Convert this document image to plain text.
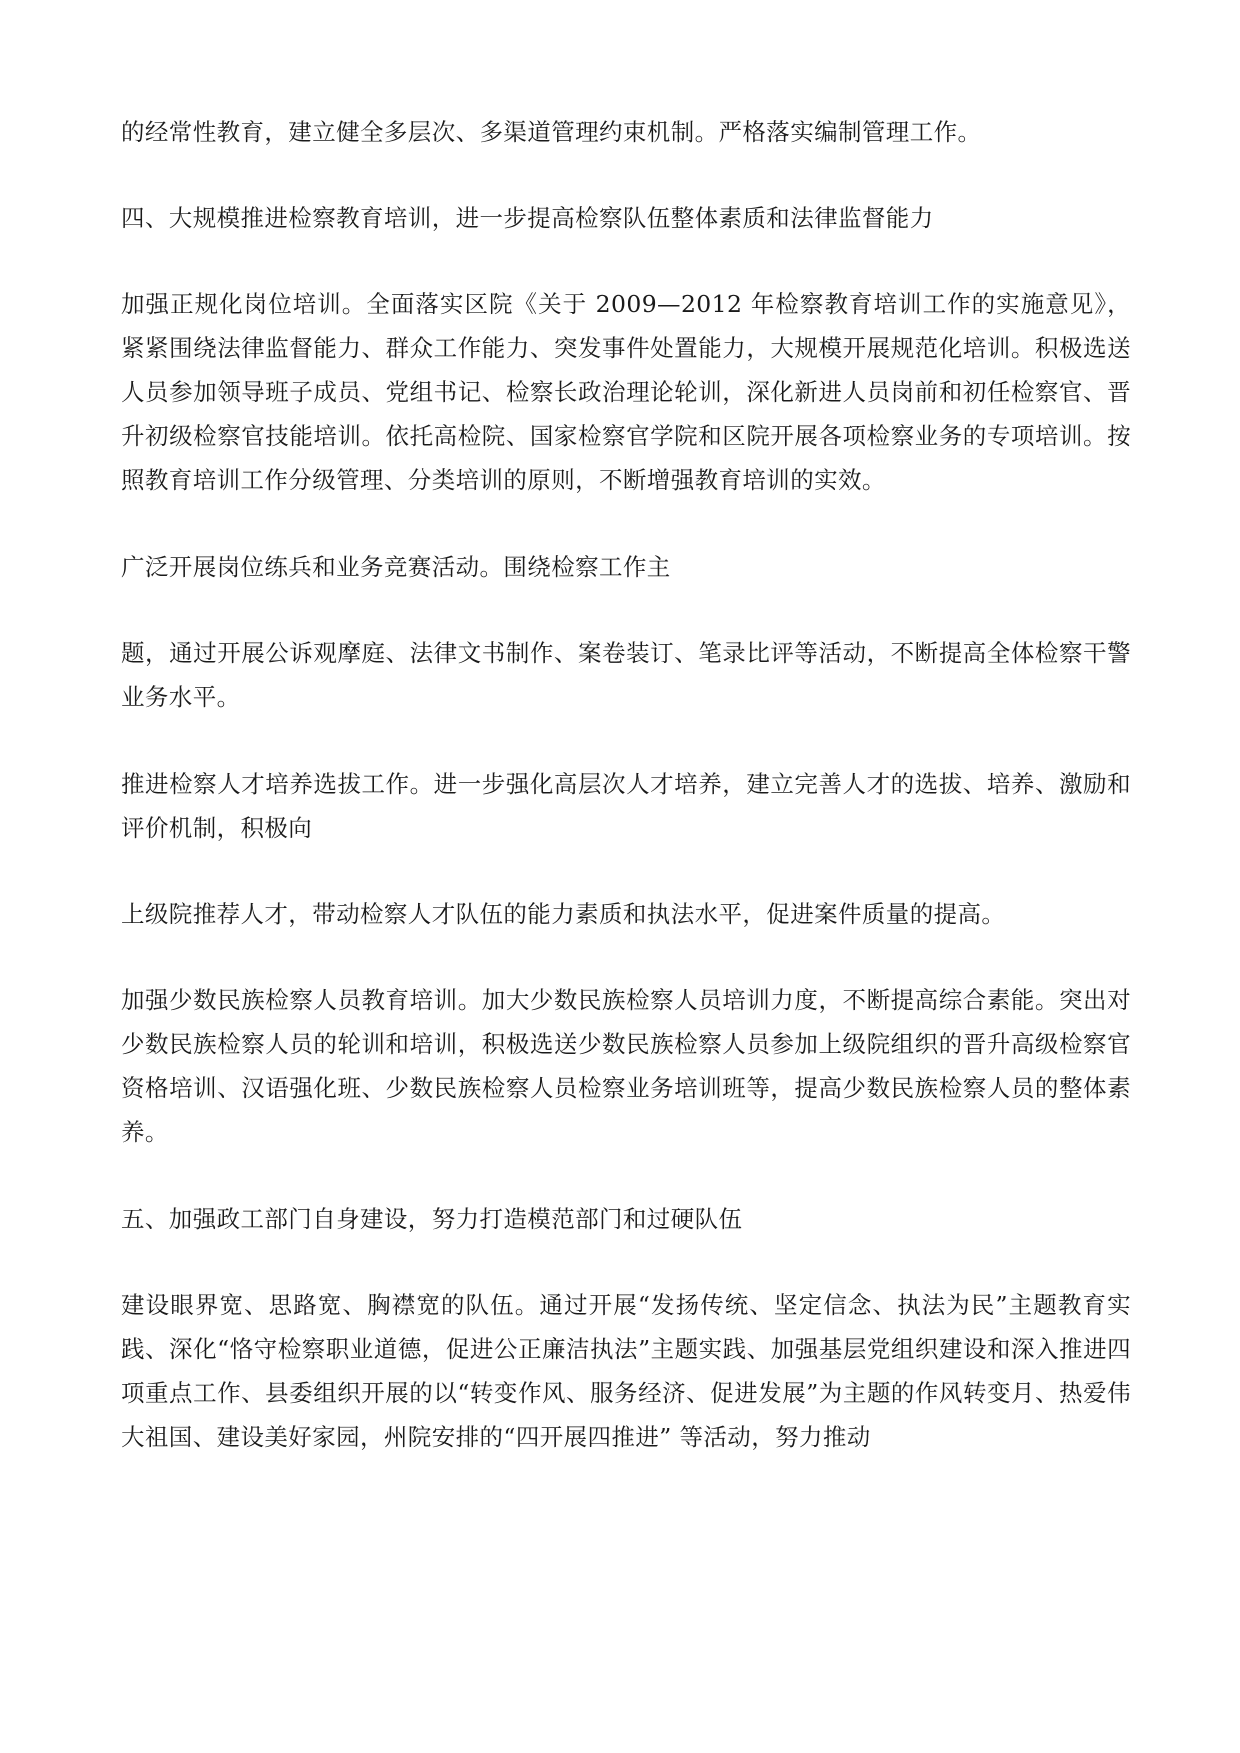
的经常性教育，建立健全多层次、多渠道管理约束机制。严格落实编制管理工作。

四、大规模推进检察教育培训，进一步提高检察队伍整体素质和法律监督能力

加强正规化岗位培训。全面落实区院《关于 2009—2012 年检察教育培训工作的实施意见》，紧紧围绕法律监督能力、群众工作能力、突发事件处置能力，大规模开展规范化培训。积极选送人员参加领导班子成员、党组书记、检察长政治理论轮训，深化新进人员岗前和初任检察官、晋升初级检察官技能培训。依托高检院、国家检察官学院和区院开展各项检察业务的专项培训。按照教育培训工作分级管理、分类培训的原则，不断增强教育培训的实效。

广泛开展岗位练兵和业务竞赛活动。围绕检察工作主

题，通过开展公诉观摩庭、法律文书制作、案卷装订、笔录比评等活动，不断提高全体检察干警业务水平。

推进检察人才培养选拔工作。进一步强化高层次人才培养，建立完善人才的选拔、培养、激励和评价机制，积极向

上级院推荐人才，带动检察人才队伍的能力素质和执法水平，促进案件质量的提高。

加强少数民族检察人员教育培训。加大少数民族检察人员培训力度，不断提高综合素能。突出对少数民族检察人员的轮训和培训，积极选送少数民族检察人员参加上级院组织的晋升高级检察官资格培训、汉语强化班、少数民族检察人员检察业务培训班等，提高少数民族检察人员的整体素养。

五、加强政工部门自身建设，努力打造模范部门和过硬队伍

建设眼界宽、思路宽、胸襟宽的队伍。通过开展“发扬传统、坚定信念、执法为民”主题教育实践、深化“恪守检察职业道德，促进公正廉洁执法”主题实践、加强基层党组织建设和深入推进四项重点工作、县委组织开展的以“转变作风、服务经济、促进发展”为主题的作风转变月、热爱伟大祖国、建设美好家园，州院安排的“四开展四推进” 等活动，努力推动
